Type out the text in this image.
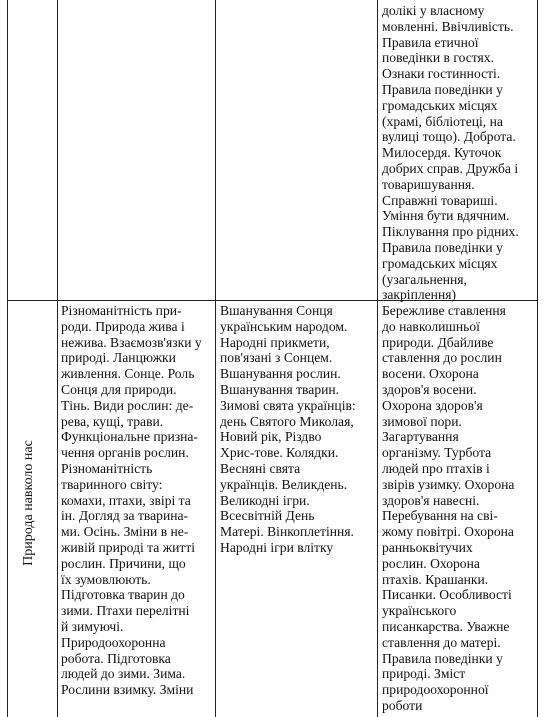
долікі у власному
мовленні. Ввічливість.
Правила етичної
поведінки в гостях.
Ознаки гостинності.
Правила поведінки у
громадських місцях
(храмі, бібліотеці, на
вулиці тощо). Доброта.
Милосердя. Куточок
добрих справ. Дружба і
товаришування.
Справжні товариші.
Уміння бути вдячним.
Піклування про рідних.
Правила поведінки у
громадських місцях
(узагальнення,
закріплення)
Природа навколо нас
Різноманітність при-
роди. Природа жива і
нежива. Взаємозв'язки у
природі. Ланцюжки
живлення. Сонце. Роль
Сонця для природи.
Тінь. Види рослин: де-
рева, кущі, трави.
Функціональне призна-
чення органів рослин.
Різноманітність
тваринного світу:
комахи, птахи, звірі та
ін. Догляд за тварина-
ми. Осінь. Зміни в не-
живій природі та житті
рослин. Причини, що
їх зумовлюють.
Підготовка тварин до
зими. Птахи перелітні
й зимуючі.
Природоохоронна
робота. Підготовка
людей до зими. Зима.
Рослини взимку. Зміни
Вшанування Сонця
українським народом.
Народні прикмети,
пов'язані з Сонцем.
Вшанування рослин.
Вшанування тварин.
Зимові свята українців:
день Святого Миколая,
Новий рік, Різдво
Хрис-тове. Колядки.
Весняні свята
українців. Великдень.
Великодні ігри.
Всесвітній День
Матері. Вінкоплетіння.
Народні ігри влітку
Бережливе ставлення
до навколишньої
природи. Дбайливе
ставлення до рослин
восени. Охорона
здоров'я восени.
Охорона здоров'я
зимової пори.
Загартування
організму. Турбота
людей про птахів і
звірів узимку. Охорона
здоров'я навесні.
Перебування на сві-
жому повітрі. Охорона
ранньоквітучих
рослин. Охорона
птахів. Крашанки.
Писанки. Особливості
українського
писанкарства. Уважне
ставлення до матері.
Правила поведінки у
природі. Зміст
природоохоронної
роботи
